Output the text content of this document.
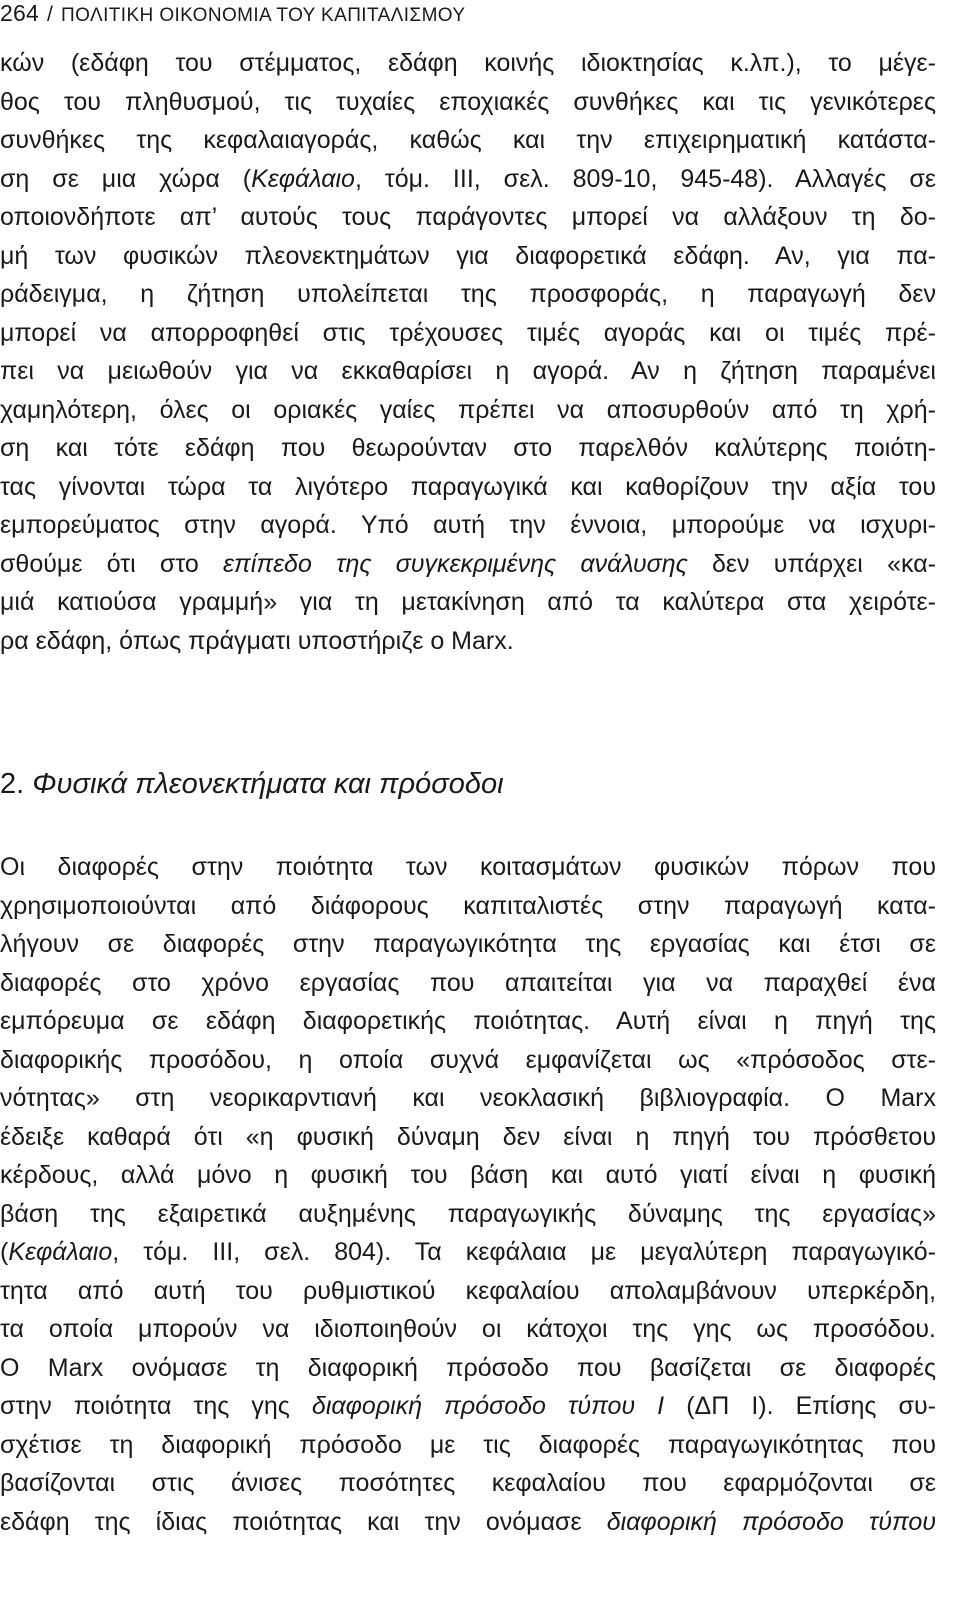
264 / ΠΟΛΙΤΙΚΗ ΟΙΚΟΝΟΜΙΑ ΤΟΥ ΚΑΠΙΤΑΛΙΣΜΟΥ
κών (εδάφη του στέμματος, εδάφη κοινής ιδιοκτησίας κ.λπ.), το μέγε-
θος του πληθυσμού, τις τυχαίες εποχιακές συνθήκες και τις γενικότερες
συνθήκες της κεφαλαιαγοράς, καθώς και την επιχειρηματική κατάστα-
ση σε μια χώρα (Κεφάλαιο, τόμ. ΙΙΙ, σελ. 809-10, 945-48). Αλλαγές σε
οποιονδήποτε απ’ αυτούς τους παράγοντες μπορεί να αλλάξουν τη δο-
μή των φυσικών πλεονεκτημάτων για διαφορετικά εδάφη. Αν, για πα-
ράδειγμα, η ζήτηση υπολείπεται της προσφοράς, η παραγωγή δεν
μπορεί να απορροφηθεί στις τρέχουσες τιμές αγοράς και οι τιμές πρέ-
πει να μειωθούν για να εκκαθαρίσει η αγορά. Αν η ζήτηση παραμένει
χαμηλότερη, όλες οι οριακές γαίες πρέπει να αποσυρθούν από τη χρή-
ση και τότε εδάφη που θεωρούνταν στο παρελθόν καλύτερης ποιότη-
τας γίνονται τώρα τα λιγότερο παραγωγικά και καθορίζουν την αξία του
εμπορεύματος στην αγορά. Υπό αυτή την έννοια, μπορούμε να ισχυρι-
σθούμε ότι στο επίπεδο της συγκεκριμένης ανάλυσης δεν υπάρχει «κα-
μιά κατιούσα γραμμή» για τη μετακίνηση από τα καλύτερα στα χειρότε-
ρα εδάφη, όπως πράγματι υποστήριζε ο Marx.
2. Φυσικά πλεονεκτήματα και πρόσοδοι
Οι διαφορές στην ποιότητα των κοιτασμάτων φυσικών πόρων που
χρησιμοποιούνται από διάφορους καπιταλιστές στην παραγωγή κατα-
λήγουν σε διαφορές στην παραγωγικότητα της εργασίας και έτσι σε
διαφορές στο χρόνο εργασίας που απαιτείται για να παραχθεί ένα
εμπόρευμα σε εδάφη διαφορετικής ποιότητας. Αυτή είναι η πηγή της
διαφορικής προσόδου, η οποία συχνά εμφανίζεται ως «πρόσοδος στε-
νότητας» στη νεορικαρντιανή και νεοκλασική βιβλιογραφία. Ο Marx
έδειξε καθαρά ότι «η φυσική δύναμη δεν είναι η πηγή του πρόσθετου
κέρδους, αλλά μόνο η φυσική του βάση και αυτό γιατί είναι η φυσική
βάση της εξαιρετικά αυξημένης παραγωγικής δύναμης της εργασίας»
(Κεφάλαιο, τόμ. ΙΙΙ, σελ. 804). Τα κεφάλαια με μεγαλύτερη παραγωγικό-
τητα από αυτή του ρυθμιστικού κεφαλαίου απολαμβάνουν υπερκέρδη,
τα οποία μπορούν να ιδιοποιηθούν οι κάτοχοι της γης ως προσόδου.
Ο Marx ονόμασε τη διαφορική πρόσοδο που βασίζεται σε διαφορές
στην ποιότητα της γης διαφορική πρόσοδο τύπου Ι (ΔΠ Ι). Επίσης συ-
σχέτισε τη διαφορική πρόσοδο με τις διαφορές παραγωγικότητας που
βασίζονται στις άνισες ποσότητες κεφαλαίου που εφαρμόζονται σε
εδάφη της ίδιας ποιότητας και την ονόμασε διαφορική πρόσοδο τύπου
